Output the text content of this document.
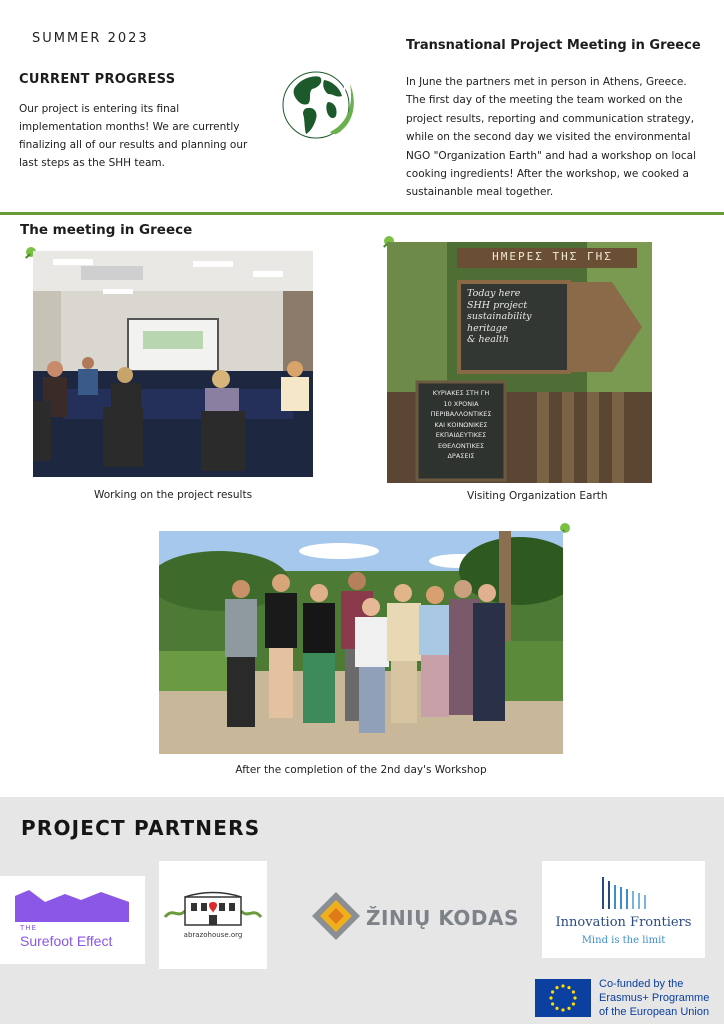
SUMMER 2023
CURRENT PROGRESS
Our project is entering its final implementation months! We are currently finalizing all of our results and planning our last steps as the SHH team.
Transnational Project Meeting in Greece
In June the partners met in person in Athens, Greece. The first day of the meeting the team worked on the project results, reporting and communication strategy, while on the second day we visited the environmental NGO "Organization Earth" and had a workshop on local cooking ingredients! After the workshop, we cooked a sustainanble meal together.
The meeting in Greece
Working on the project results
ΗΜΕΡΕΣ ΤΗΣ ΓΗΣ
Today here
SHH project
sustainability
heritage
& health
ΚΥΡΙΑΚΕΣ ΣΤΗ ΓΗ
10 ΧΡΟΝΙΑ
ΠΕΡΙΒΑΛΛΟΝΤΙΚΕΣ
ΚΑΙ ΚΟΙΝΩΝΙΚΕΣ
ΕΚΠΑΙΔΕΥΤΙΚΕΣ
ΕΘΕΛΟΝΤΙΚΕΣ
ΔΡΑΣΕΙΣ
Visiting Organization Earth
After the completion of the 2nd day's Workshop
PROJECT PARTNERS
THE
Surefoot Effect	abrazohouse.org
ŽINIŲ KODAS	Innovation Frontiers
Mind is the limit
Co-funded by the
Erasmus+ Programme
of the European Union
